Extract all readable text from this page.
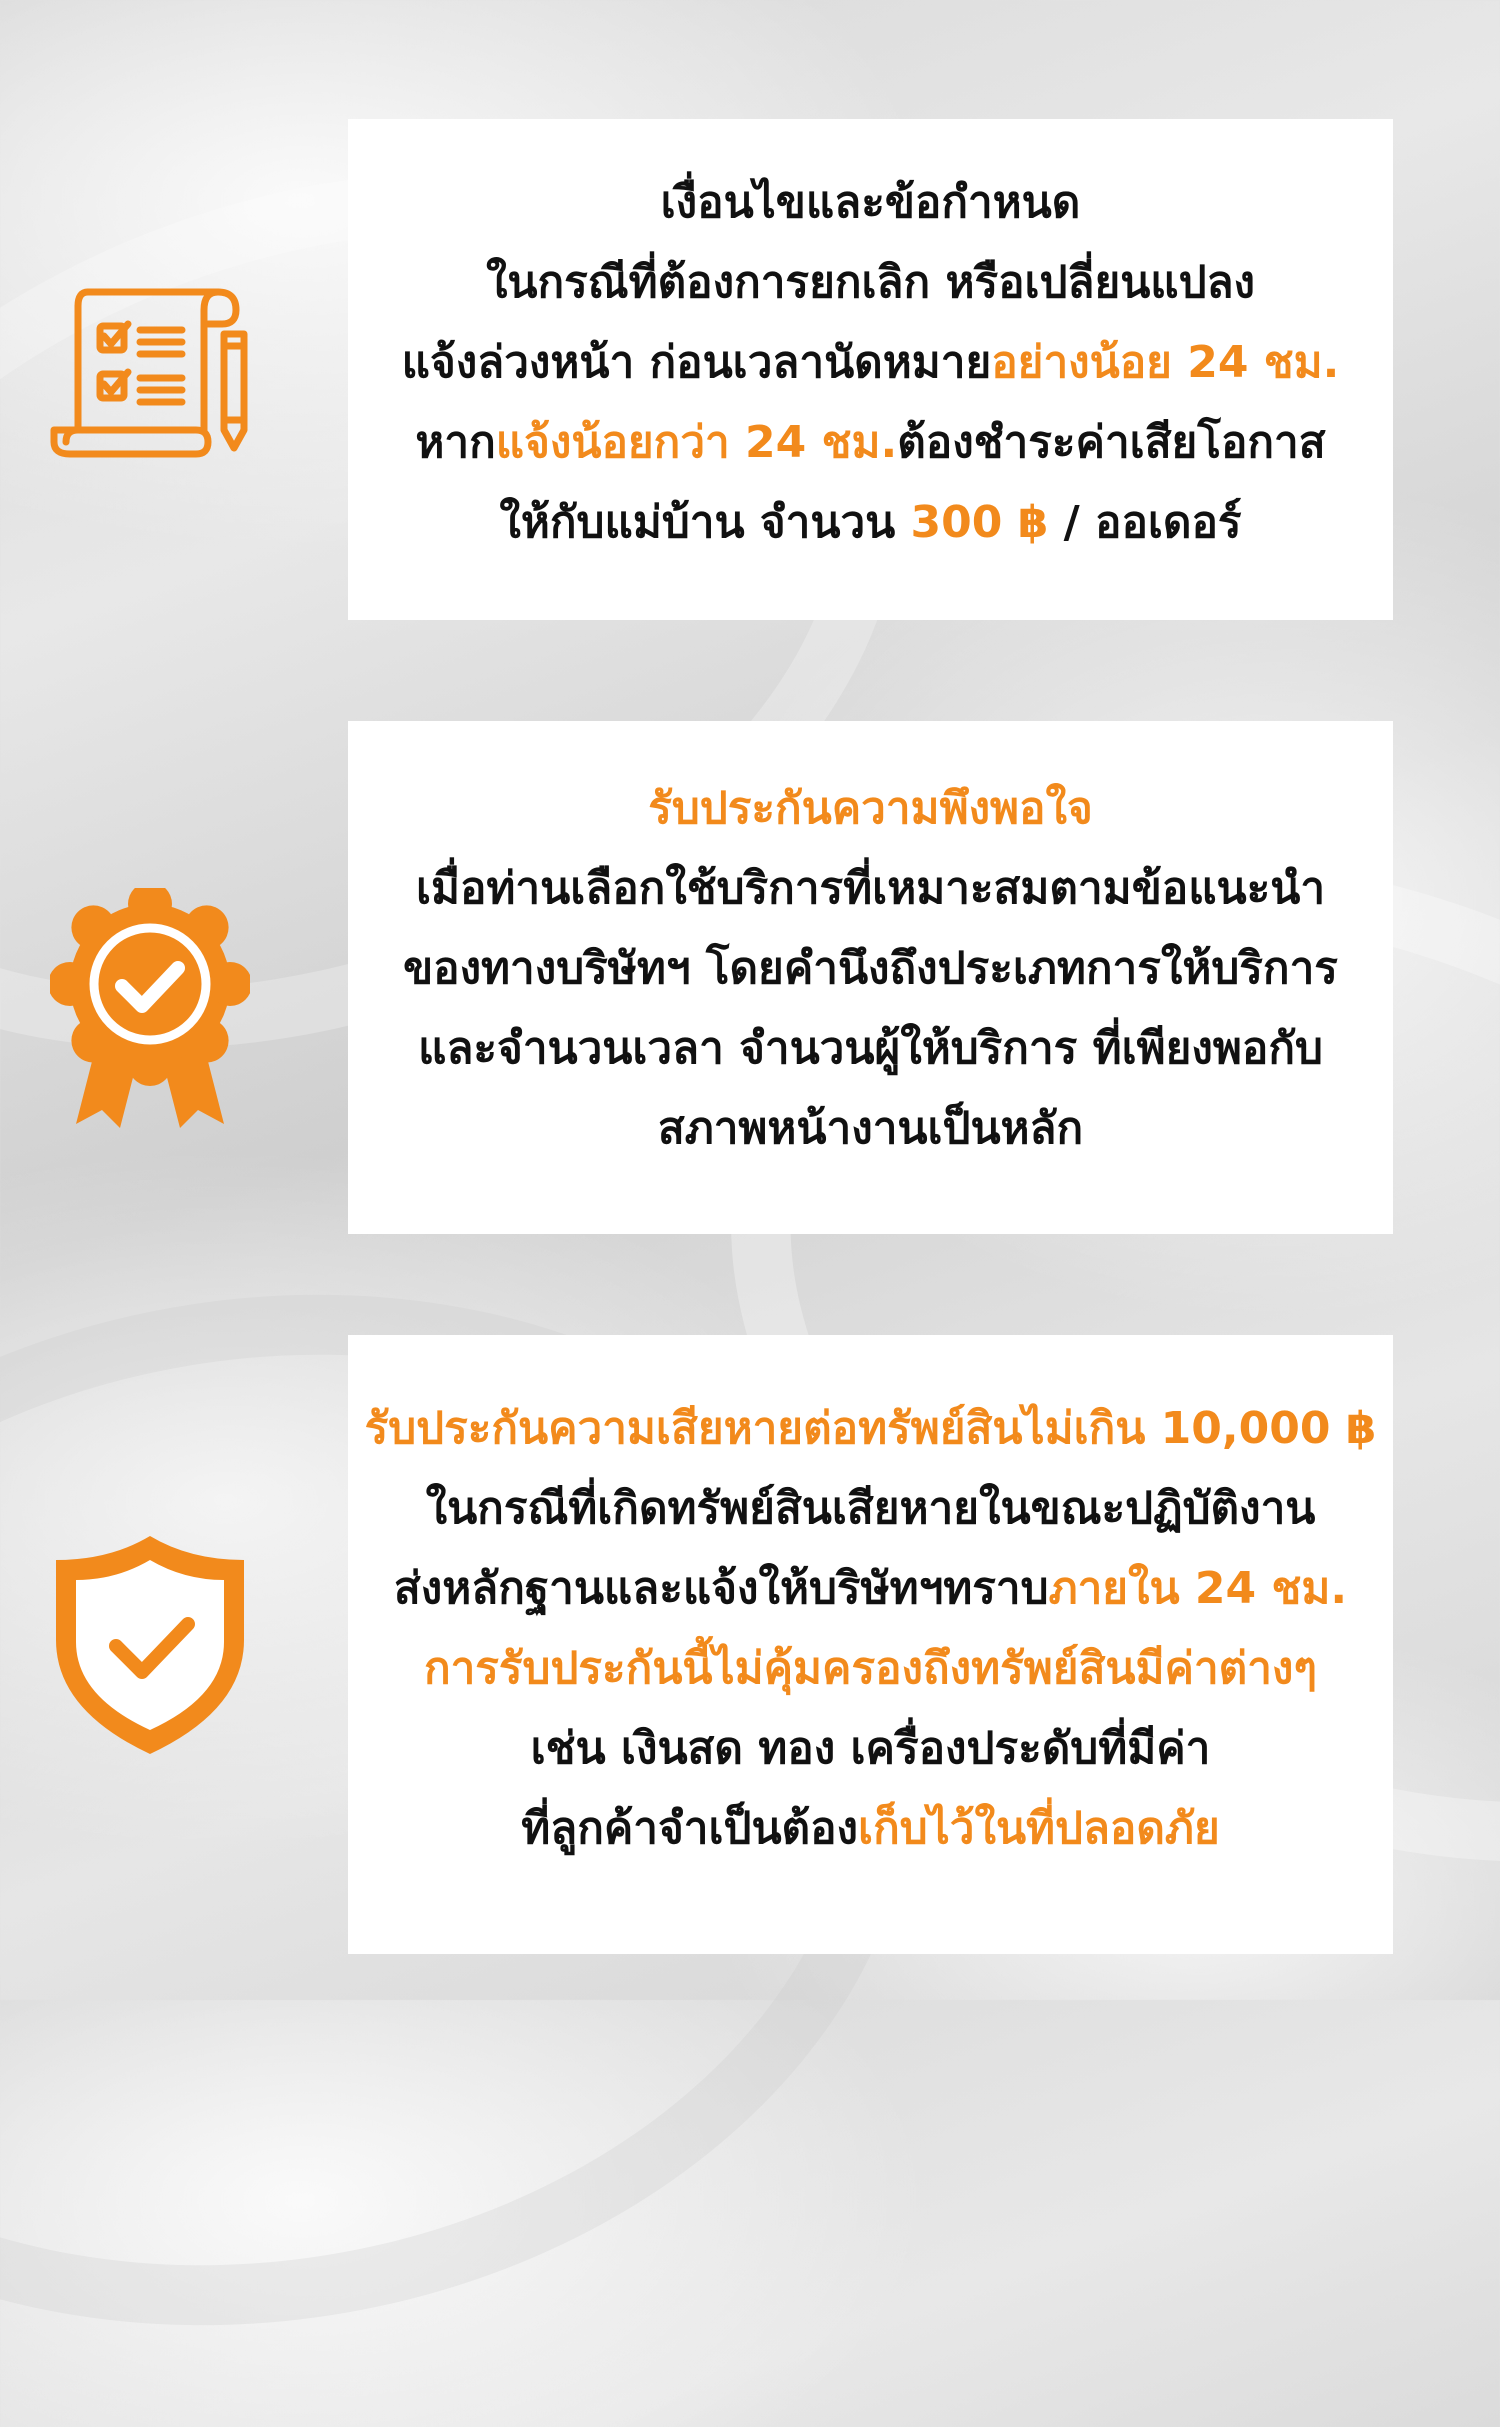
เงื่อนไขและข้อกำหนด
ในกรณีที่ต้องการยกเลิก หรือเปลี่ยนแปลง
แจ้งล่วงหน้า ก่อนเวลานัดหมายอย่างน้อย 24 ชม.
หากแจ้งน้อยกว่า 24 ชม.ต้องชำระค่าเสียโอกาส
ให้กับแม่บ้าน จำนวน 300 ฿ / ออเดอร์
รับประกันความพึงพอใจ
เมื่อท่านเลือกใช้บริการที่เหมาะสมตามข้อแนะนำ
ของทางบริษัทฯ โดยคำนึงถึงประเภทการให้บริการ
และจำนวนเวลา จำนวนผู้ให้บริการ ที่เพียงพอกับ
สภาพหน้างานเป็นหลัก
รับประกันความเสียหายต่อทรัพย์สินไม่เกิน 10,000 ฿
ในกรณีที่เกิดทรัพย์สินเสียหายในขณะปฏิบัติงาน
ส่งหลักฐานและแจ้งให้บริษัทฯทราบภายใน 24 ชม.
การรับประกันนี้ไม่คุ้มครองถึงทรัพย์สินมีค่าต่างๆ
เช่น เงินสด ทอง เครื่องประดับที่มีค่า
ที่ลูกค้าจำเป็นต้องเก็บไว้ในที่ปลอดภัย
